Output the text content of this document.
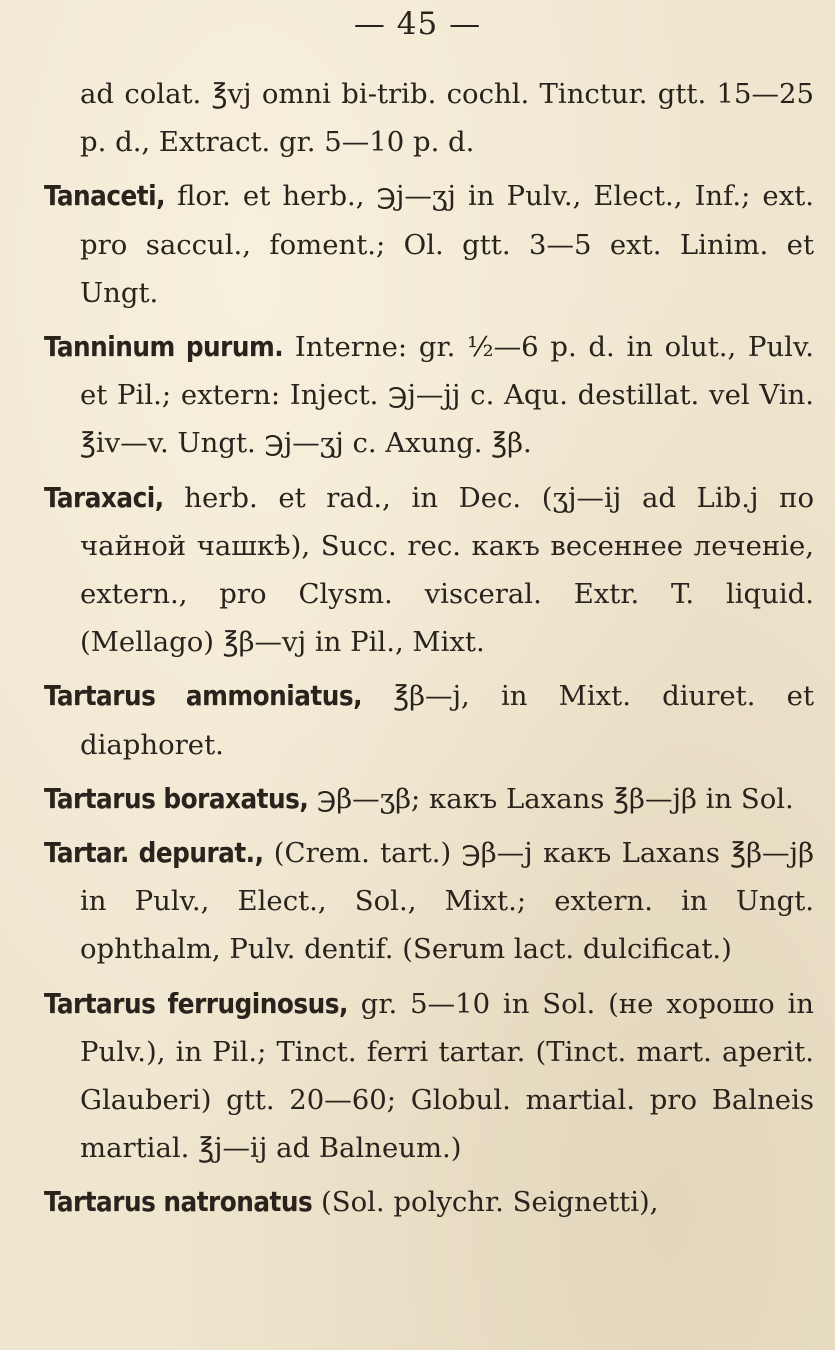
— 45 —

ad colat. ℥vj omni bi-trib. cochl. Tinctur. gtt. 15—25 p. d., Extract. gr. 5—10 p. d.

Tanaceti, flor. et herb., ℈j—ʒj in Pulv., Elect., Inf.; ext. pro saccul., foment.; Ol. gtt. 3—5 ext. Linim. et Ungt.

Tanninum purum. Interne: gr. ½—6 p. d. in olut., Pulv. et Pil.; extern: Inject. ℈j—jj c. Aqu. destillat. vel Vin. ℥iv—v. Ungt. ℈j—ʒj c. Axung. ℥β.

Taraxaci, herb. et rad., in Dec. (ʒj—ij ad Lib.j по чайной чашкѣ), Succ. rec. какъ весеннее леченіе, extern., pro Clysm. visceral. Extr. T. liquid. (Mellago) ℥β—vj in Pil., Mixt.

Tartarus ammoniatus, ℥β—j, in Mixt. diuret. et diaphoret.

Tartarus boraxatus, ℈β—ʒβ; какъ Laxans ℥β—jβ in Sol.

Tartar. depurat., (Crem. tart.) ℈β—j какъ Laxans ℥β—jβ in Pulv., Elect., Sol., Mixt.; extern. in Ungt. ophthalm, Pulv. dentif. (Serum lact. dulcificat.)

Tartarus ferruginosus, gr. 5—10 in Sol. (не хорошо in Pulv.), in Pil.; Tinct. ferri tartar. (Tinct. mart. aperit. Glauberi) gtt. 20—60; Globul. martial. pro Balneis martial. ℥j—ij ad Balneum.)

Tartarus natronatus (Sol. polychr. Seignetti),
